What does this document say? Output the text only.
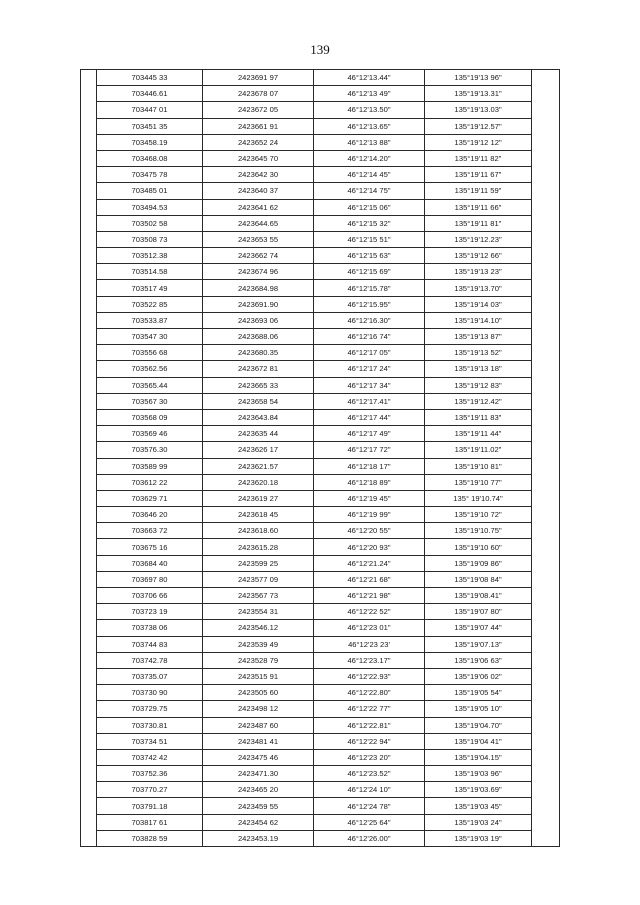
139
	703445 33	2423691 97	46°12'13.44"	135°19'13 96"	
	703446.61	2423678 07	46°12'13 49"	135°19'13.31"	
	703447 01	2423672 05	46°12'13.50"	135°19'13.03"	
	703451 35	2423661 91	46°12'13.65"	135°19'12.57"	
	703458.19	2423652 24	46°12'13 88"	135°19'12 12"	
	703468.08	2423645 70	46°12'14.20"	135°19'11 82"	
	703475 78	2423642 30	46°12'14 45"	135°19'11 67"	
	703485 01	2423640 37	46°12'14 75"	135°19'11 59"	
	703494.53	2423641 62	46°12'15 06"	135°19'11 66"	
	703502 58	2423644.65	46°12'15 32"	135°19'11 81"	
	703508 73	2423653 55	46°12'15 51"	135°19'12.23"	
	703512.38	2423662 74	46°12'15 63"	135°19'12 66"	
	703514.58	2423674 96	46°12'15 69"	135°19'13 23"	
	703517 49	2423684.98	46°12'15.78"	135°19'13.70"	
	703522 85	2423691.90	46°12'15.95"	135°19'14 03"	
	703533.87	2423693 06	46°12'16.30"	135°19'14.10"	
	703547 30	2423688.06	46°12'16 74"	135°19'13 87"	
	703556 68	2423680.35	46°12'17 05"	135°19'13 52"	
	703562.56	2423672 81	46°12'17 24"	135°19'13 18"	
	703565.44	2423665 33	46°12'17 34"	135°19'12 83"	
	703567 30	2423658 54	46°12'17.41"	135°19'12.42"	
	703568 09	2423643.84	46°12'17 44"	135°19'11 83"	
	703569 46	2423635 44	46°12'17 49"	135°19'11 44"	
	703576.30	2423626 17	46°12'17 72"	135°19'11.02"	
	703589 99	2423621.57	46°12'18 17"	135°19'10 81"	
	703612 22	2423620.18	46°12'18 89"	135°19'10 77"	
	703629 71	2423619 27	46°12'19 45"	135° 19'10.74"	
	703646 20	2423618 45	46°12'19 99"	135°19'10 72"	
	703663 72	2423618.60	46°12'20 55"	135°19'10.75"	
	703675 16	2423615.28	46°12'20 93"	135°19'10 60"	
	703684 40	2423599 25	46°12'21.24"	135°19'09 86"	
	703697 80	2423577 09	46°12'21 68"	135°19'08 84"	
	703706 66	2423567 73	46°12'21 98"	135°19'08.41"	
	703723 19	2423554 31	46°12'22 52"	135°19'07 80"	
	703738 06	2423546.12	46°12'23 01"	135°19'07 44"	
	703744 83	2423539 49	46°12'23 23'	135°19'07.13"	
	703742.78	2423528 79	46°12'23.17"	135°19'06 63"	
	703735.07	2423515 91	46°12'22.93"	135°19'06 02"	
	703730 90	2423505 60	46°12'22.80"	135°19'05 54"	
	703729.75	2423498 12	46°12'22 77"	135°19'05 10"	
	703730.81	2423487 60	46°12'22.81"	135°19'04.70"	
	703734 51	2423481 41	46°12'22 94"	135°19'04 41"	
	703742 42	2423475 46	46°12'23 20"	135°19'04.15"	
	703752.36	2423471.30	46°12'23.52"	135°19'03 96"	
	703770.27	2423465 20	46°12'24 10"	135°19'03.69"	
	703791.18	2423459 55	46°12'24 78"	135°19'03 45"	
	703817 61	2423454 62	46°12'25 64"	135°19'03 24"	
	703828 59	2423453.19	46°12'26.00"	135°19'03 19"	
